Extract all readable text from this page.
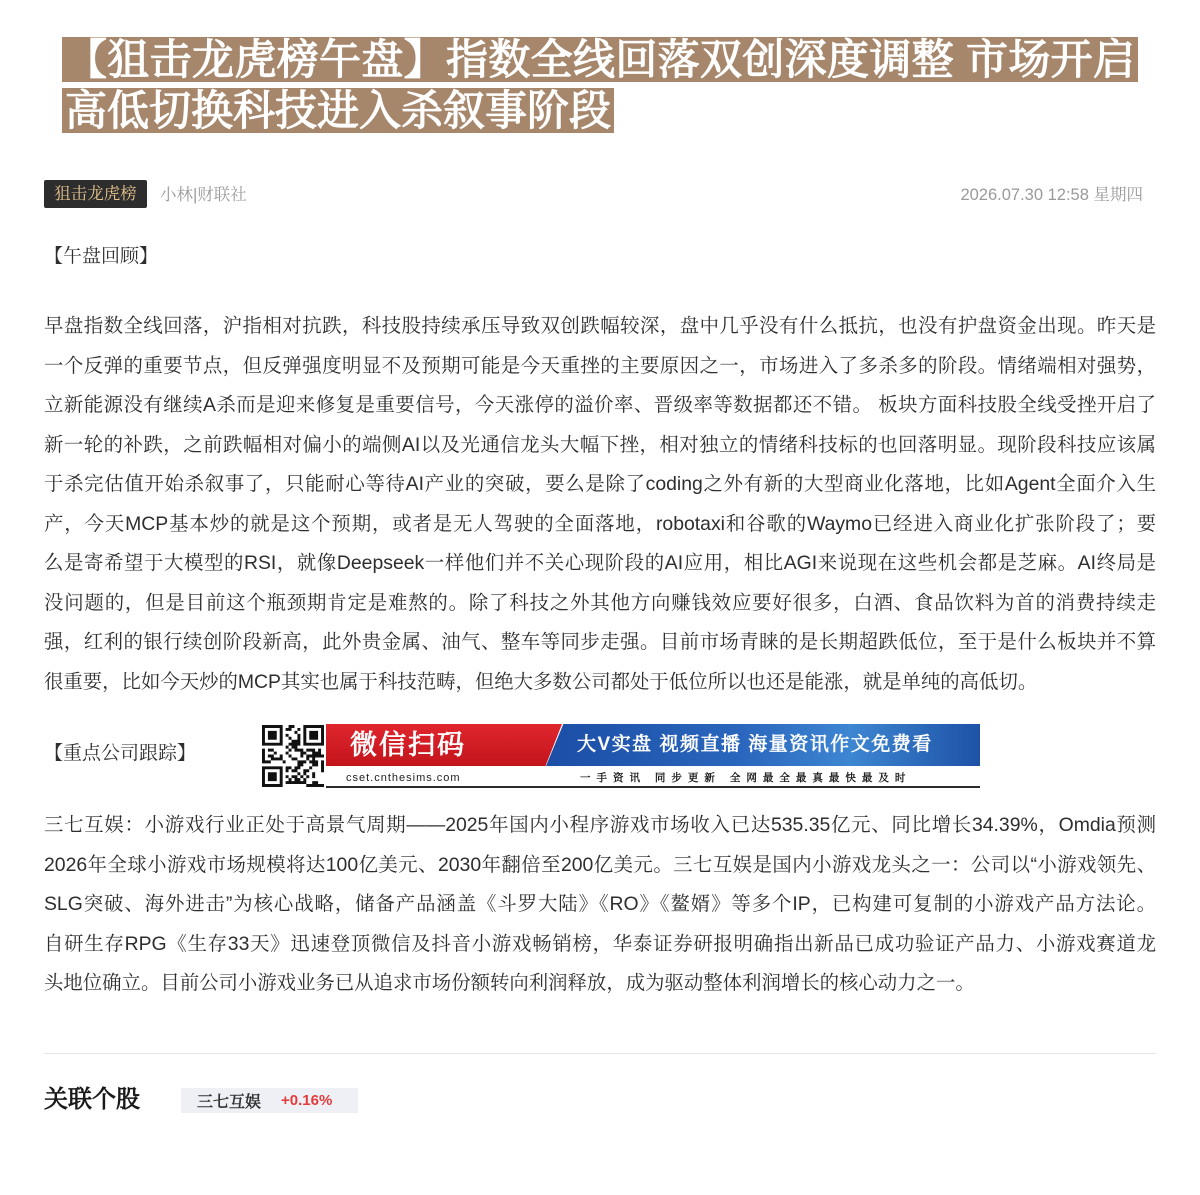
【狙击龙虎榜午盘】指数全线回落双创深度调整 市场开启
高低切换科技进入杀叙事阶段
狙击龙虎榜	小林|财联社	2026.07.30 12:58 星期四
【午盘回顾】
早盘指数全线回落，沪指相对抗跌，科技股持续承压导致双创跌幅较深，盘中几乎没有什么抵抗，也没有护盘资金出现。昨天是
一个反弹的重要节点，但反弹强度明显不及预期可能是今天重挫的主要原因之一，市场进入了多杀多的阶段。情绪端相对强势，
立新能源没有继续A杀而是迎来修复是重要信号，今天涨停的溢价率、晋级率等数据都还不错。 板块方面科技股全线受挫开启了
新一轮的补跌，之前跌幅相对偏小的端侧AI以及光通信龙头大幅下挫，相对独立的情绪科技标的也回落明显。现阶段科技应该属
于杀完估值开始杀叙事了，只能耐心等待AI产业的突破，要么是除了coding之外有新的大型商业化落地，比如Agent全面介入生
产，今天MCP基本炒的就是这个预期，或者是无人驾驶的全面落地，robotaxi和谷歌的Waymo已经进入商业化扩张阶段了；要
么是寄希望于大模型的RSI，就像Deepseek一样他们并不关心现阶段的AI应用，相比AGI来说现在这些机会都是芝麻。AI终局是
没问题的，但是目前这个瓶颈期肯定是难熬的。除了科技之外其他方向赚钱效应要好很多，白酒、食品饮料为首的消费持续走
强，红利的银行续创阶段新高，此外贵金属、油气、整车等同步走强。目前市场青睐的是长期超跌低位，至于是什么板块并不算
很重要，比如今天炒的MCP其实也属于科技范畴，但绝大多数公司都处于低位所以也还是能涨，就是单纯的高低切。
【重点公司跟踪】	微信扫码
cset.cnthesims.com
大V实盘 视频直播 海量资讯作文免费看
一手资讯 同步更新 全网最全最真最快最及时
三七互娱：小游戏行业正处于高景气周期——2025年国内小程序游戏市场收入已达535.35亿元、同比增长34.39%，Omdia预测
2026年全球小游戏市场规模将达100亿美元、2030年翻倍至200亿美元。三七互娱是国内小游戏龙头之一：公司以“小游戏领先、
SLG突破、海外进击”为核心战略，储备产品涵盖《斗罗大陆》《RO》《鳌婿》等多个IP，已构建可复制的小游戏产品方法论。
自研生存RPG《生存33天》迅速登顶微信及抖音小游戏畅销榜，华泰证券研报明确指出新品已成功验证产品力、小游戏赛道龙
头地位确立。目前公司小游戏业务已从追求市场份额转向利润释放，成为驱动整体利润增长的核心动力之一。
关联个股	三七互娱 +0.16%
